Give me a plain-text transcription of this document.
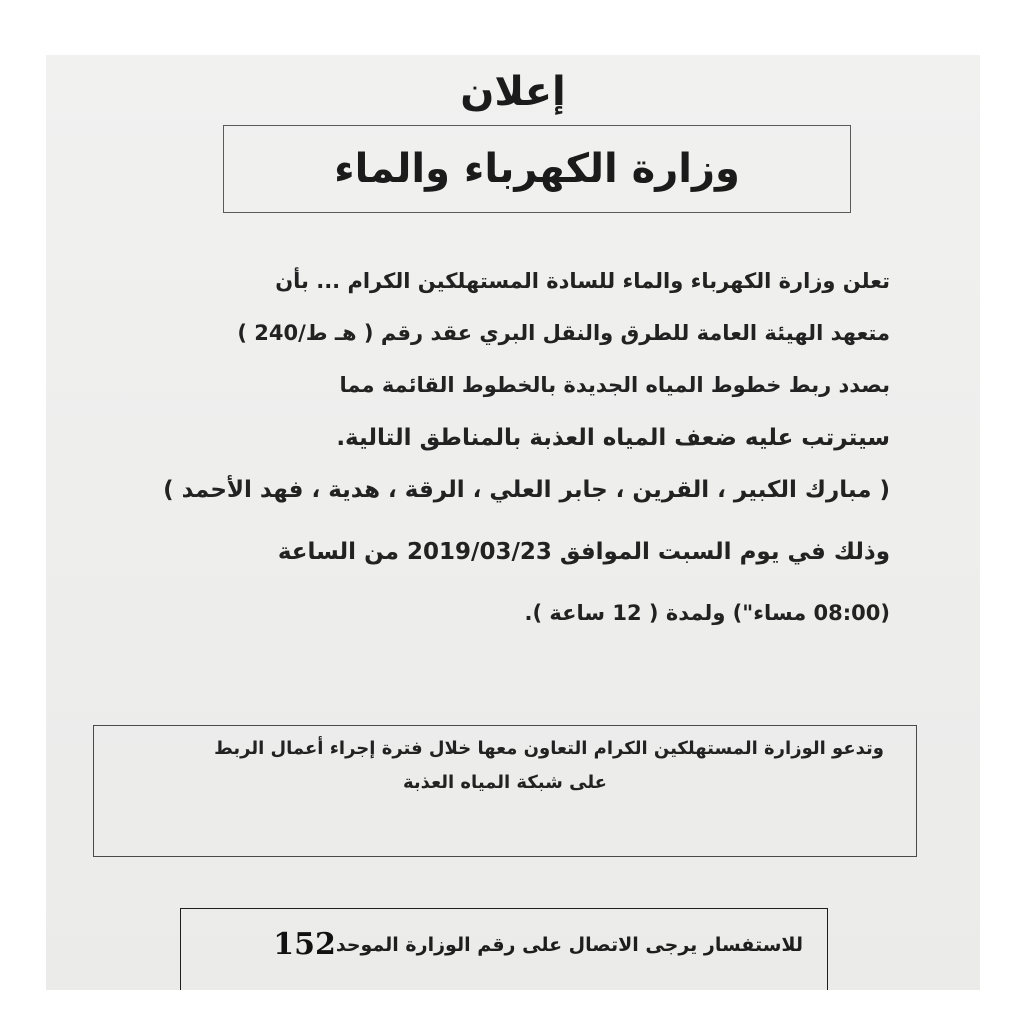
إعلان
وزارة الكهرباء والماء
تعلن وزارة الكهرباء والماء للسادة المستهلكين الكرام ... بأن
متعهد الهيئة العامة للطرق والنقل البري عقد رقم ( هـ ط/240 )
بصدد ربط خطوط المياه الجديدة بالخطوط القائمة مما
سيترتب عليه ضعف المياه العذبة بالمناطق التالية.
( مبارك الكبير ، القرين ، جابر العلي ، الرقة ، هدية ، فهد الأحمد )
وذلك في يوم السبت الموافق 2019/03/23 من الساعة
(08:00 مساء") ولمدة ( 12 ساعة ).
وتدعو الوزارة المستهلكين الكرام التعاون معها خلال فترة إجراء أعمال الربط
على شبكة المياه العذبة
للاستفسار يرجى الاتصال على رقم الوزارة الموحد152
